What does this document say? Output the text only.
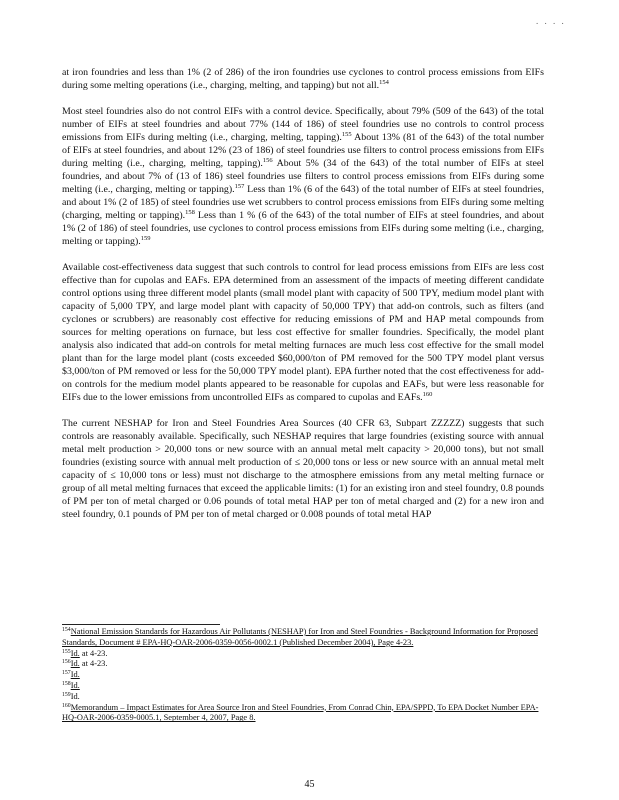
. . . .

at iron foundries and less than 1% (2 of 286) of the iron foundries use cyclones to control process emissions from EIFs during some melting operations (i.e., charging, melting, and tapping) but not all.$^{154}$

Most steel foundries also do not control EIFs with a control device. Specifically, about 79% (509 of the 643) of the total number of EIFs at steel foundries and about 77% (144 of 186) of steel foundries use no controls to control process emissions from EIFs during melting (i.e., charging, melting, tapping).$^{155}$ About 13% (81 of the 643) of the total number of EIFs at steel foundries, and about 12% (23 of 186) of steel foundries use filters to control process emissions from EIFs during melting (i.e., charging, melting, tapping).$^{156}$ About 5% (34 of the 643) of the total number of EIFs at steel foundries, and about 7% of (13 of 186) steel foundries use filters to control process emissions from EIFs during some melting (i.e., charging, melting or tapping).$^{157}$ Less than 1% (6 of the 643) of the total number of EIFs at steel foundries, and about 1% (2 of 185) of steel foundries use wet scrubbers to control process emissions from EIFs during some melting (charging, melting or tapping).$^{158}$ Less than 1 % (6 of the 643) of the total number of EIFs at steel foundries, and about 1% (2 of 186) of steel foundries, use cyclones to control process emissions from EIFs during some melting (i.e., charging, melting or tapping).$^{159}$

Available cost-effectiveness data suggest that such controls to control for lead process emissions from EIFs are less cost effective than for cupolas and EAFs. EPA determined from an assessment of the impacts of meeting different candidate control options using three different model plants (small model plant with capacity of 500 TPY, medium model plant with capacity of 5,000 TPY, and large model plant with capacity of 50,000 TPY) that add-on controls, such as filters (and cyclones or scrubbers) are reasonably cost effective for reducing emissions of PM and HAP metal compounds from sources for melting operations on furnace, but less cost effective for smaller foundries. Specifically, the model plant analysis also indicated that add-on controls for metal melting furnaces are much less cost effective for the small model plant than for the large model plant (costs exceeded $60,000/ton of PM removed for the 500 TPY model plant versus $3,000/ton of PM removed or less for the 50,000 TPY model plant). EPA further noted that the cost effectiveness for add-on controls for the medium model plants appeared to be reasonable for cupolas and EAFs, but were less reasonable for EIFs due to the lower emissions from uncontrolled EIFs as compared to cupolas and EAFs.$^{160}$

The current NESHAP for Iron and Steel Foundries Area Sources (40 CFR 63, Subpart ZZZZZ) suggests that such controls are reasonably available. Specifically, such NESHAP requires that large foundries (existing source with annual metal melt production > 20,000 tons or new source with an annual metal melt capacity > 20,000 tons), but not small foundries (existing source with annual melt production of ≤ 20,000 tons or less or new source with an annual metal melt capacity of ≤ 10,000 tons or less) must not discharge to the atmosphere emissions from any metal melting furnace or group of all metal melting furnaces that exceed the applicable limits: (1) for an existing iron and steel foundry, 0.8 pounds of PM per ton of metal charged or 0.06 pounds of total metal HAP per ton of metal charged and (2) for a new iron and steel foundry, 0.1 pounds of PM per ton of metal charged or 0.008 pounds of total metal HAP

$^{154}$National Emission Standards for Hazardous Air Pollutants (NESHAP) for Iron and Steel Foundries - Background Information for Proposed Standards, Document # EPA-HQ-OAR-2006-0359-0056-0002.1 (Published December 2004), Page 4-23.

$^{155}$Id. at 4-23.

$^{156}$Id. at 4-23.

$^{157}$Id.

$^{158}$Id.

$^{159}$Id.

$^{160}$Memorandum – Impact Estimates for Area Source Iron and Steel Foundries, From Conrad Chin, EPA/SPPD, To EPA Docket Number EPA-HQ-OAR-2006-0359-0005.1, September 4, 2007, Page 8.

45
